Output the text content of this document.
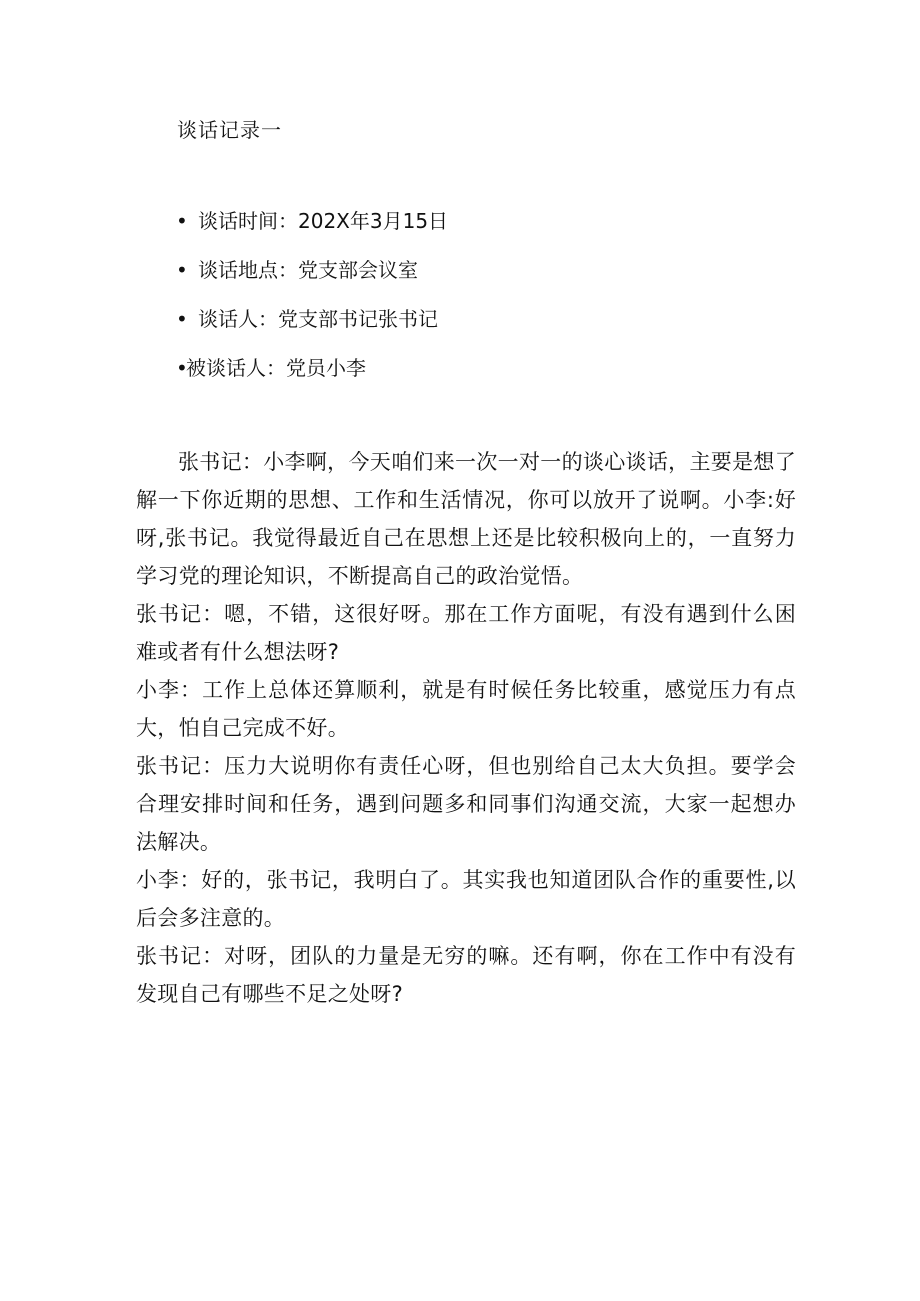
谈话记录一
• 谈话时间：202X年3月15日
• 谈话地点：党支部会议室
• 谈话人：党支部书记张书记
•被谈话人：党员小李

张书记：小李啊，今天咱们来一次一对一的谈心谈话，主要是想了解一下你近期的思想、工作和生活情况，你可以放开了说啊。小李:好呀,张书记。我觉得最近自己在思想上还是比较积极向上的，一直努力学习党的理论知识，不断提高自己的政治觉悟。

张书记：嗯，不错，这很好呀。那在工作方面呢，有没有遇到什么困难或者有什么想法呀?

小李：工作上总体还算顺利，就是有时候任务比较重，感觉压力有点大，怕自己完成不好。

张书记：压力大说明你有责任心呀，但也别给自己太大负担。要学会合理安排时间和任务，遇到问题多和同事们沟通交流，大家一起想办法解决。

小李：好的，张书记，我明白了。其实我也知道团队合作的重要性,以后会多注意的。

张书记：对呀，团队的力量是无穷的嘛。还有啊，你在工作中有没有发现自己有哪些不足之处呀?
